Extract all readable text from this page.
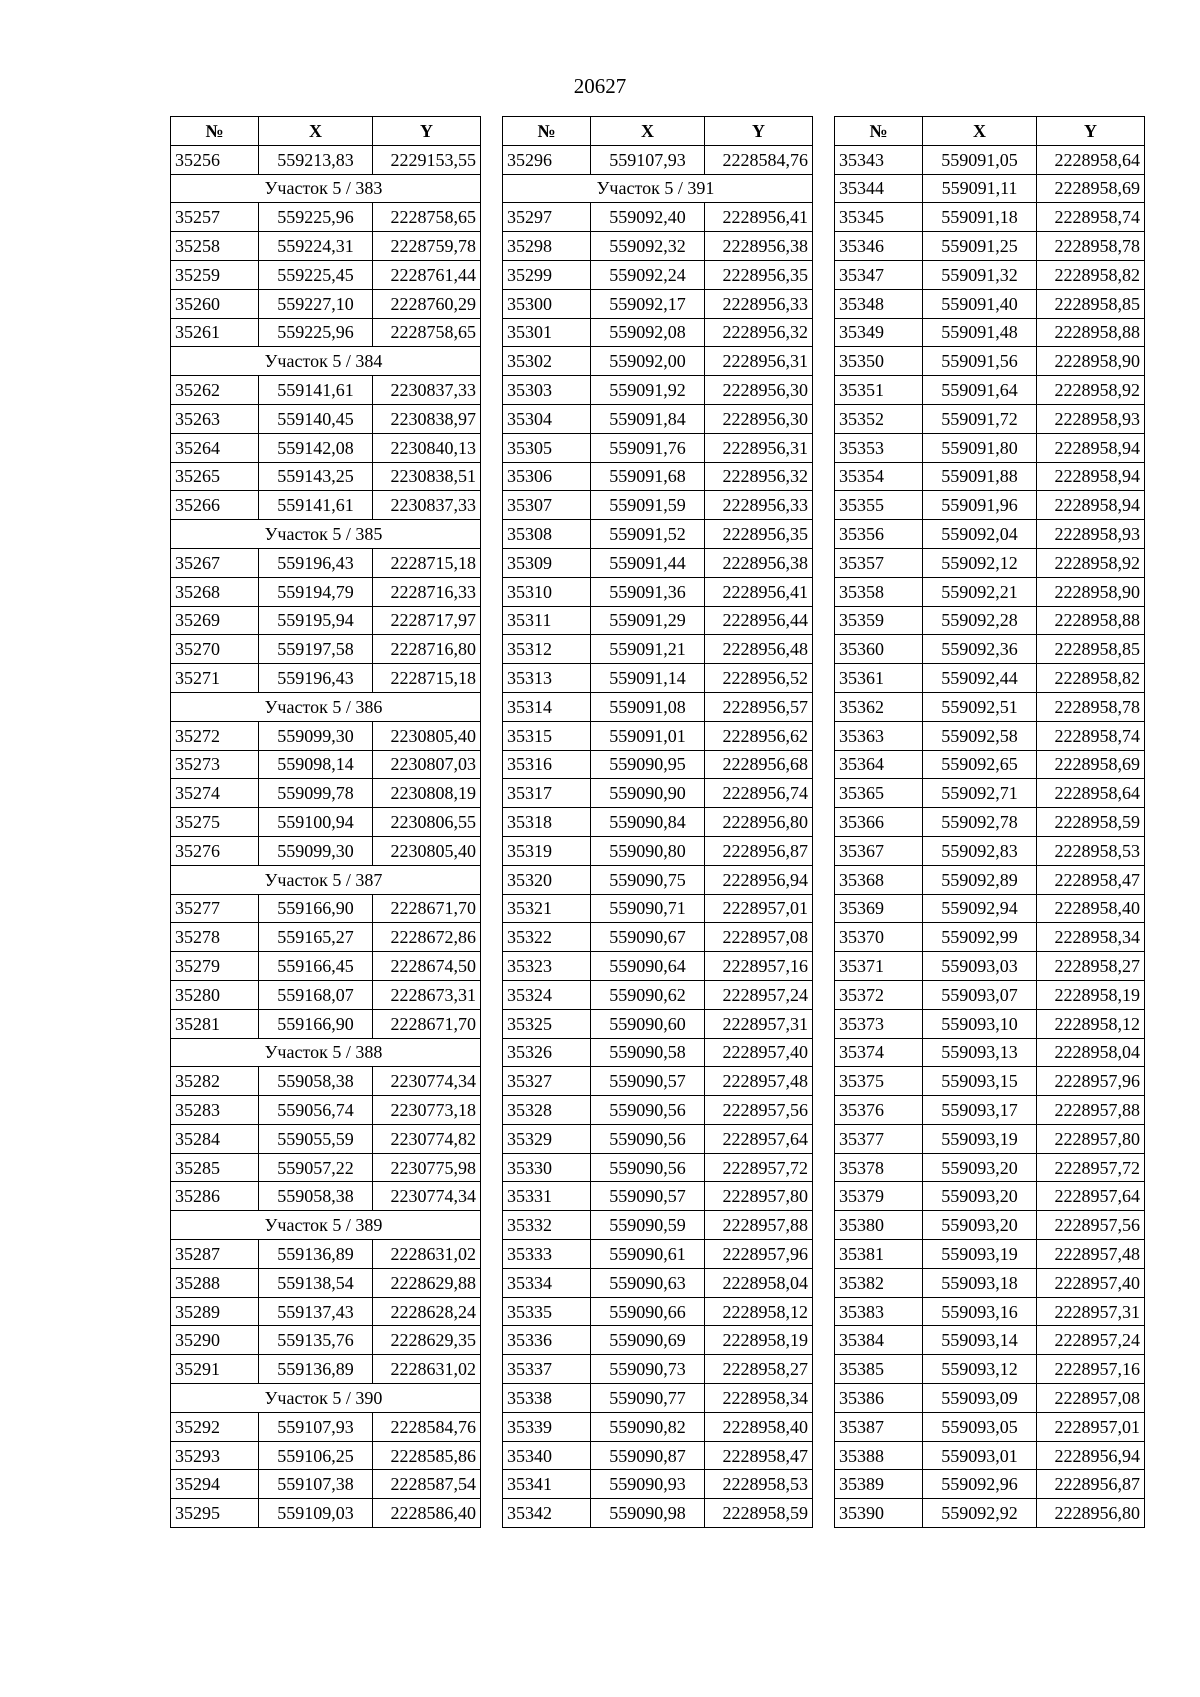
20627
№	X	Y
35256	559213,83	2229153,55
Участок 5 / 383		
35257	559225,96	2228758,65
35258	559224,31	2228759,78
35259	559225,45	2228761,44
35260	559227,10	2228760,29
35261	559225,96	2228758,65
Участок 5 / 384		
35262	559141,61	2230837,33
35263	559140,45	2230838,97
35264	559142,08	2230840,13
35265	559143,25	2230838,51
35266	559141,61	2230837,33
Участок 5 / 385		
35267	559196,43	2228715,18
35268	559194,79	2228716,33
35269	559195,94	2228717,97
35270	559197,58	2228716,80
35271	559196,43	2228715,18
Участок 5 / 386		
35272	559099,30	2230805,40
35273	559098,14	2230807,03
35274	559099,78	2230808,19
35275	559100,94	2230806,55
35276	559099,30	2230805,40
Участок 5 / 387		
35277	559166,90	2228671,70
35278	559165,27	2228672,86
35279	559166,45	2228674,50
35280	559168,07	2228673,31
35281	559166,90	2228671,70
Участок 5 / 388		
35282	559058,38	2230774,34
35283	559056,74	2230773,18
35284	559055,59	2230774,82
35285	559057,22	2230775,98
35286	559058,38	2230774,34
Участок 5 / 389		
35287	559136,89	2228631,02
35288	559138,54	2228629,88
35289	559137,43	2228628,24
35290	559135,76	2228629,35
35291	559136,89	2228631,02
Участок 5 / 390		
35292	559107,93	2228584,76
35293	559106,25	2228585,86
35294	559107,38	2228587,54
35295	559109,03	2228586,40
№	X	Y
35296	559107,93	2228584,76
Участок 5 / 391		
35297	559092,40	2228956,41
35298	559092,32	2228956,38
35299	559092,24	2228956,35
35300	559092,17	2228956,33
35301	559092,08	2228956,32
35302	559092,00	2228956,31
35303	559091,92	2228956,30
35304	559091,84	2228956,30
35305	559091,76	2228956,31
35306	559091,68	2228956,32
35307	559091,59	2228956,33
35308	559091,52	2228956,35
35309	559091,44	2228956,38
35310	559091,36	2228956,41
35311	559091,29	2228956,44
35312	559091,21	2228956,48
35313	559091,14	2228956,52
35314	559091,08	2228956,57
35315	559091,01	2228956,62
35316	559090,95	2228956,68
35317	559090,90	2228956,74
35318	559090,84	2228956,80
35319	559090,80	2228956,87
35320	559090,75	2228956,94
35321	559090,71	2228957,01
35322	559090,67	2228957,08
35323	559090,64	2228957,16
35324	559090,62	2228957,24
35325	559090,60	2228957,31
35326	559090,58	2228957,40
35327	559090,57	2228957,48
35328	559090,56	2228957,56
35329	559090,56	2228957,64
35330	559090,56	2228957,72
35331	559090,57	2228957,80
35332	559090,59	2228957,88
35333	559090,61	2228957,96
35334	559090,63	2228958,04
35335	559090,66	2228958,12
35336	559090,69	2228958,19
35337	559090,73	2228958,27
35338	559090,77	2228958,34
35339	559090,82	2228958,40
35340	559090,87	2228958,47
35341	559090,93	2228958,53
35342	559090,98	2228958,59
№	X	Y
35343	559091,05	2228958,64
35344	559091,11	2228958,69
35345	559091,18	2228958,74
35346	559091,25	2228958,78
35347	559091,32	2228958,82
35348	559091,40	2228958,85
35349	559091,48	2228958,88
35350	559091,56	2228958,90
35351	559091,64	2228958,92
35352	559091,72	2228958,93
35353	559091,80	2228958,94
35354	559091,88	2228958,94
35355	559091,96	2228958,94
35356	559092,04	2228958,93
35357	559092,12	2228958,92
35358	559092,21	2228958,90
35359	559092,28	2228958,88
35360	559092,36	2228958,85
35361	559092,44	2228958,82
35362	559092,51	2228958,78
35363	559092,58	2228958,74
35364	559092,65	2228958,69
35365	559092,71	2228958,64
35366	559092,78	2228958,59
35367	559092,83	2228958,53
35368	559092,89	2228958,47
35369	559092,94	2228958,40
35370	559092,99	2228958,34
35371	559093,03	2228958,27
35372	559093,07	2228958,19
35373	559093,10	2228958,12
35374	559093,13	2228958,04
35375	559093,15	2228957,96
35376	559093,17	2228957,88
35377	559093,19	2228957,80
35378	559093,20	2228957,72
35379	559093,20	2228957,64
35380	559093,20	2228957,56
35381	559093,19	2228957,48
35382	559093,18	2228957,40
35383	559093,16	2228957,31
35384	559093,14	2228957,24
35385	559093,12	2228957,16
35386	559093,09	2228957,08
35387	559093,05	2228957,01
35388	559093,01	2228956,94
35389	559092,96	2228956,87
35390	559092,92	2228956,80
